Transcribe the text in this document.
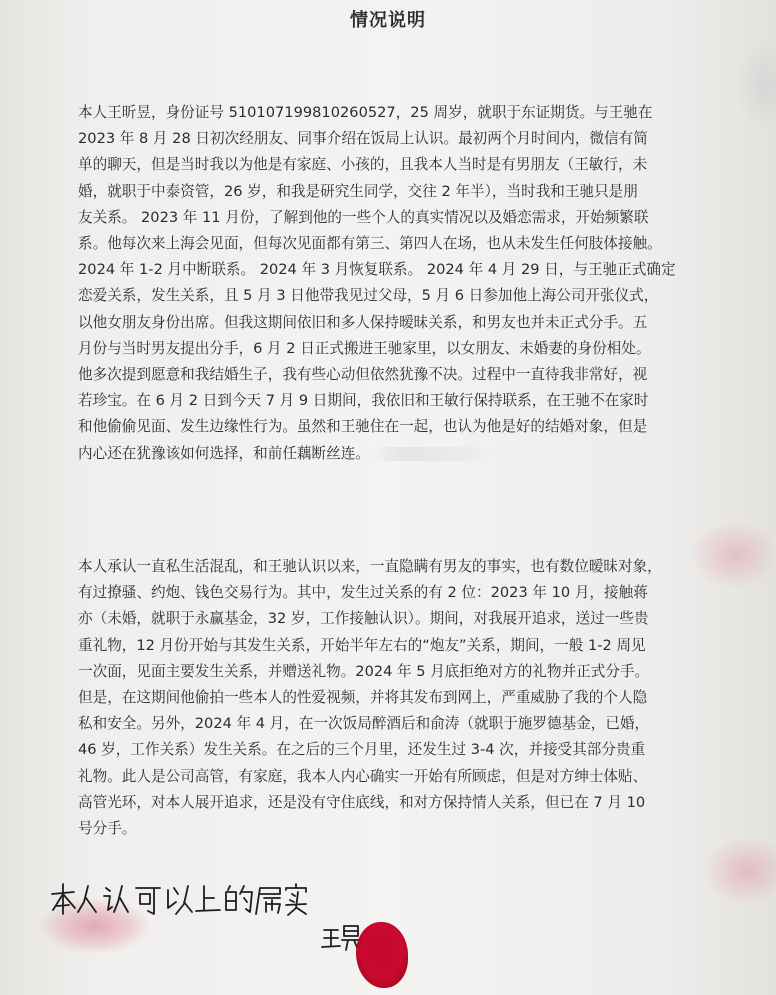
情况说明

本人王昕昱，身份证号 510107199810260527，25 周岁，就职于东证期货。与王驰在
2023 年 8 月 28 日初次经朋友、同事介绍在饭局上认识。最初两个月时间内，微信有简
单的聊天，但是当时我以为他是有家庭、小孩的，且我本人当时是有男朋友（王敏行，未
婚，就职于中泰资管，26 岁，和我是研究生同学，交往 2 年半），当时我和王驰只是朋
友关系。 2023 年 11 月份，了解到他的一些个人的真实情况以及婚恋需求，开始频繁联
系。他每次来上海会见面，但每次见面都有第三、第四人在场，也从未发生任何肢体接触。
2024 年 1-2 月中断联系。 2024 年 3 月恢复联系。 2024 年 4 月 29 日，与王驰正式确定
恋爱关系，发生关系，且 5 月 3 日他带我见过父母，5 月 6 日参加他上海公司开张仪式，
以他女朋友身份出席。但我这期间依旧和多人保持暧昧关系，和男友也并未正式分手。五
月份与当时男友提出分手，6 月 2 日正式搬进王驰家里，以女朋友、未婚妻的身份相处。
他多次提到愿意和我结婚生子，我有些心动但依然犹豫不决。过程中一直待我非常好，视
若珍宝。在 6 月 2 日到今天 7 月 9 日期间，我依旧和王敏行保持联系，在王驰不在家时
和他偷偷见面、发生边缘性行为。虽然和王驰住在一起，也认为他是好的结婚对象，但是
内心还在犹豫该如何选择，和前任藕断丝连。

本人承认一直私生活混乱，和王驰认识以来，一直隐瞒有男友的事实，也有数位暧昧对象，
有过撩骚、约炮、钱色交易行为。其中，发生过关系的有 2 位：2023 年 10 月，接触蒋
亦（未婚，就职于永赢基金，32 岁，工作接触认识）。期间，对我展开追求，送过一些贵
重礼物，12 月份开始与其发生关系，开始半年左右的“炮友”关系，期间，一般 1-2 周见
一次面，见面主要发生关系，并赠送礼物。2024 年 5 月底拒绝对方的礼物并正式分手。
但是，在这期间他偷拍一些本人的性爱视频，并将其发布到网上，严重威胁了我的个人隐
私和安全。另外，2024 年 4 月，在一次饭局醉酒后和俞涛（就职于施罗德基金，已婚，
46 岁，工作关系）发生关系。在之后的三个月里，还发生过 3-4 次，并接受其部分贵重
礼物。此人是公司高管，有家庭，我本人内心确实一开始有所顾虑，但是对方绅士体贴、
高管光环，对本人展开追求，还是没有守住底线，和对方保持情人关系，但已在 7 月 10
号分手。
